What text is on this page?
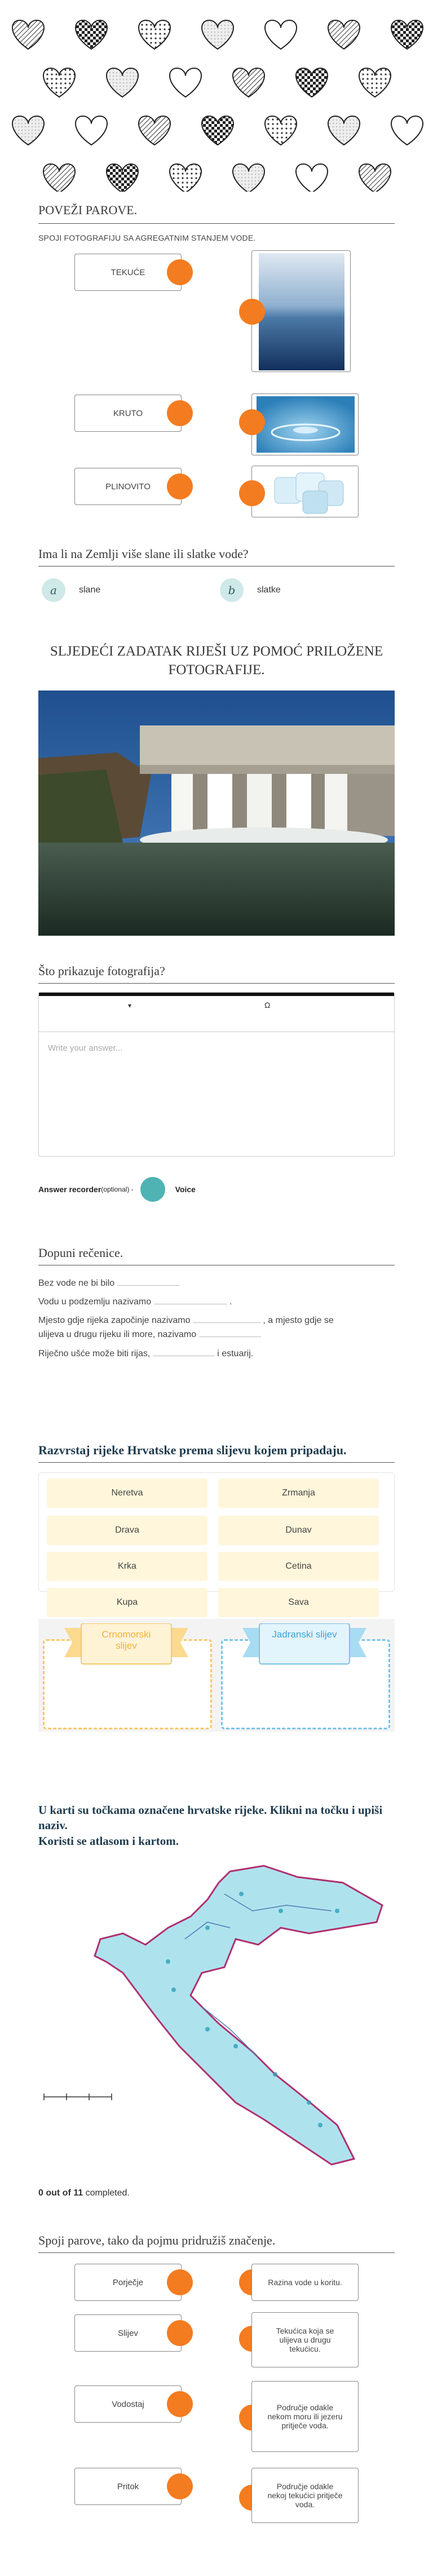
POVEŽI PAROVE.
SPOJI FOTOGRAFIJU SA AGREGATNIM STANJEM VODE.
TEKUĆE
KRUTO
PLINOVITO
Ima li na Zemlji više slane ili slatke vode?
a	slane	b	slatke
SLJEDEĆI ZADATAK RIJEŠI UZ POMOĆ PRILOŽENE FOTOGRAFIJE.
Što prikazuje fotografija?
▾	Ω
Write your answer...
Answer recorder (optional) -	Voice
Dopuni rečenice.
Bez vode ne bi bilo
Vodu u podzemlju nazivamo	.
Mjesto gdje rijeka započinje nazivamo	, a mjesto gdje se
ulijeva u drugu rijeku ili more, nazivamo
Riječno ušće može biti rijas,	i estuarij.
Razvrstaj rijeke Hrvatske prema slijevu kojem pripadaju.
Neretva	Zrmanja
Drava	Dunav
Krka	Cetina
Kupa	Sava
Crnomorski slijev
Jadranski slijev
U karti su točkama označene hrvatske rijeke. Klikni na točku i upiši naziv.
Koristi se atlasom i kartom.
0 out of 11 completed.
Spoji parove, tako da pojmu pridružiš značenje.
Porječje	Razina vode u koritu.
Slijev	Tekućica koja se ulijeva u drugu tekućicu.
Vodostaj	Područje odakle nekom moru ili jezeru pritječe voda.
Pritok	Područje odakle nekoj tekućici pritječe voda.
